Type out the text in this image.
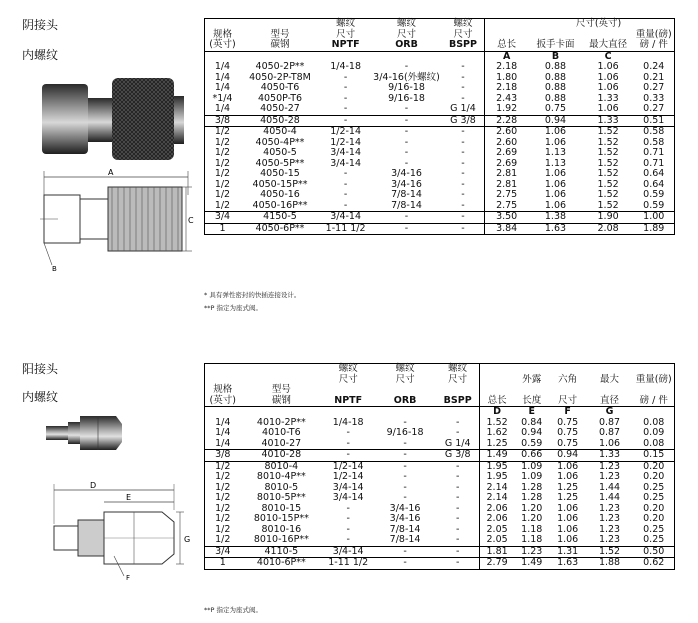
阴接头
内螺纹
A
C
B
		螺纹	螺纹	螺纹	尺寸(英寸)			
规格	型号	尺寸	尺寸	尺寸				重量(磅)
(英寸)	碳钢	NPTF	ORB	BSPP	总长	扳手卡面	最大直径	磅 / 件
					A	B	C	
1/4	4050-2P**	1/4-18	-	-	2.18	0.88	1.06	0.24
1/4	4050-2P-T8M	-	3/4-16(外螺纹)	-	1.80	0.88	1.06	0.21
1/4	4050-T6	-	9/16-18	-	2.18	0.88	1.06	0.27
*1/4	4050P-T6	-	9/16-18	-	2.43	0.88	1.33	0.33
1/4	4050-27	-	-	G 1/4	1.92	0.75	1.06	0.27
3/8	4050-28	-	-	G 3/8	2.28	0.94	1.33	0.51
1/2	4050-4	1/2-14	-	-	2.60	1.06	1.52	0.58
1/2	4050-4P**	1/2-14	-	-	2.60	1.06	1.52	0.58
1/2	4050-5	3/4-14	-	-	2.69	1.13	1.52	0.71
1/2	4050-5P**	3/4-14	-	-	2.69	1.13	1.52	0.71
1/2	4050-15	-	3/4-16	-	2.81	1.06	1.52	0.64
1/2	4050-15P**	-	3/4-16	-	2.81	1.06	1.52	0.64
1/2	4050-16	-	7/8-14	-	2.75	1.06	1.52	0.59
1/2	4050-16P**	-	7/8-14	-	2.75	1.06	1.52	0.59
3/4	4150-5	3/4-14	-	-	3.50	1.38	1.90	1.00
1	4050-6P**	1-11 1/2	-	-	3.84	1.63	2.08	1.89
* 具有弹性密封的快插连接设计。
**P 指定为座式阀。
阳接头
内螺纹
D
E
G
F
		螺纹	螺纹	螺纹					
		尺寸	尺寸	尺寸		外露	六角	最大	重量(磅)
规格
(英寸)	型号
碳钢	NPTF	ORB	BSPP	总长	长度	尺寸	直径	磅 / 件
					D	E	F	G	
1/4	4010-2P**	1/4-18	-	-	1.52	0.84	0.75	0.87	0.08
1/4	4010-T6	-	9/16-18	-	1.62	0.94	0.75	0.87	0.09
1/4	4010-27	-	-	G 1/4	1.25	0.59	0.75	1.06	0.08
3/8	4010-28	-	-	G 3/8	1.49	0.66	0.94	1.33	0.15
1/2	8010-4	1/2-14	-	-	1.95	1.09	1.06	1.23	0.20
1/2	8010-4P**	1/2-14	-	-	1.95	1.09	1.06	1.23	0.20
1/2	8010-5	3/4-14	-	-	2.14	1.28	1.25	1.44	0.25
1/2	8010-5P**	3/4-14	-	-	2.14	1.28	1.25	1.44	0.25
1/2	8010-15	-	3/4-16	-	2.06	1.20	1.06	1.23	0.20
1/2	8010-15P**	-	3/4-16	-	2.06	1.20	1.06	1.23	0.20
1/2	8010-16	-	7/8-14	-	2.05	1.18	1.06	1.23	0.25
1/2	8010-16P**	-	7/8-14	-	2.05	1.18	1.06	1.23	0.25
3/4	4110-5	3/4-14	-	-	1.81	1.23	1.31	1.52	0.50
1	4010-6P**	1-11 1/2	-	-	2.79	1.49	1.63	1.88	0.62
**P 指定为座式阀。
